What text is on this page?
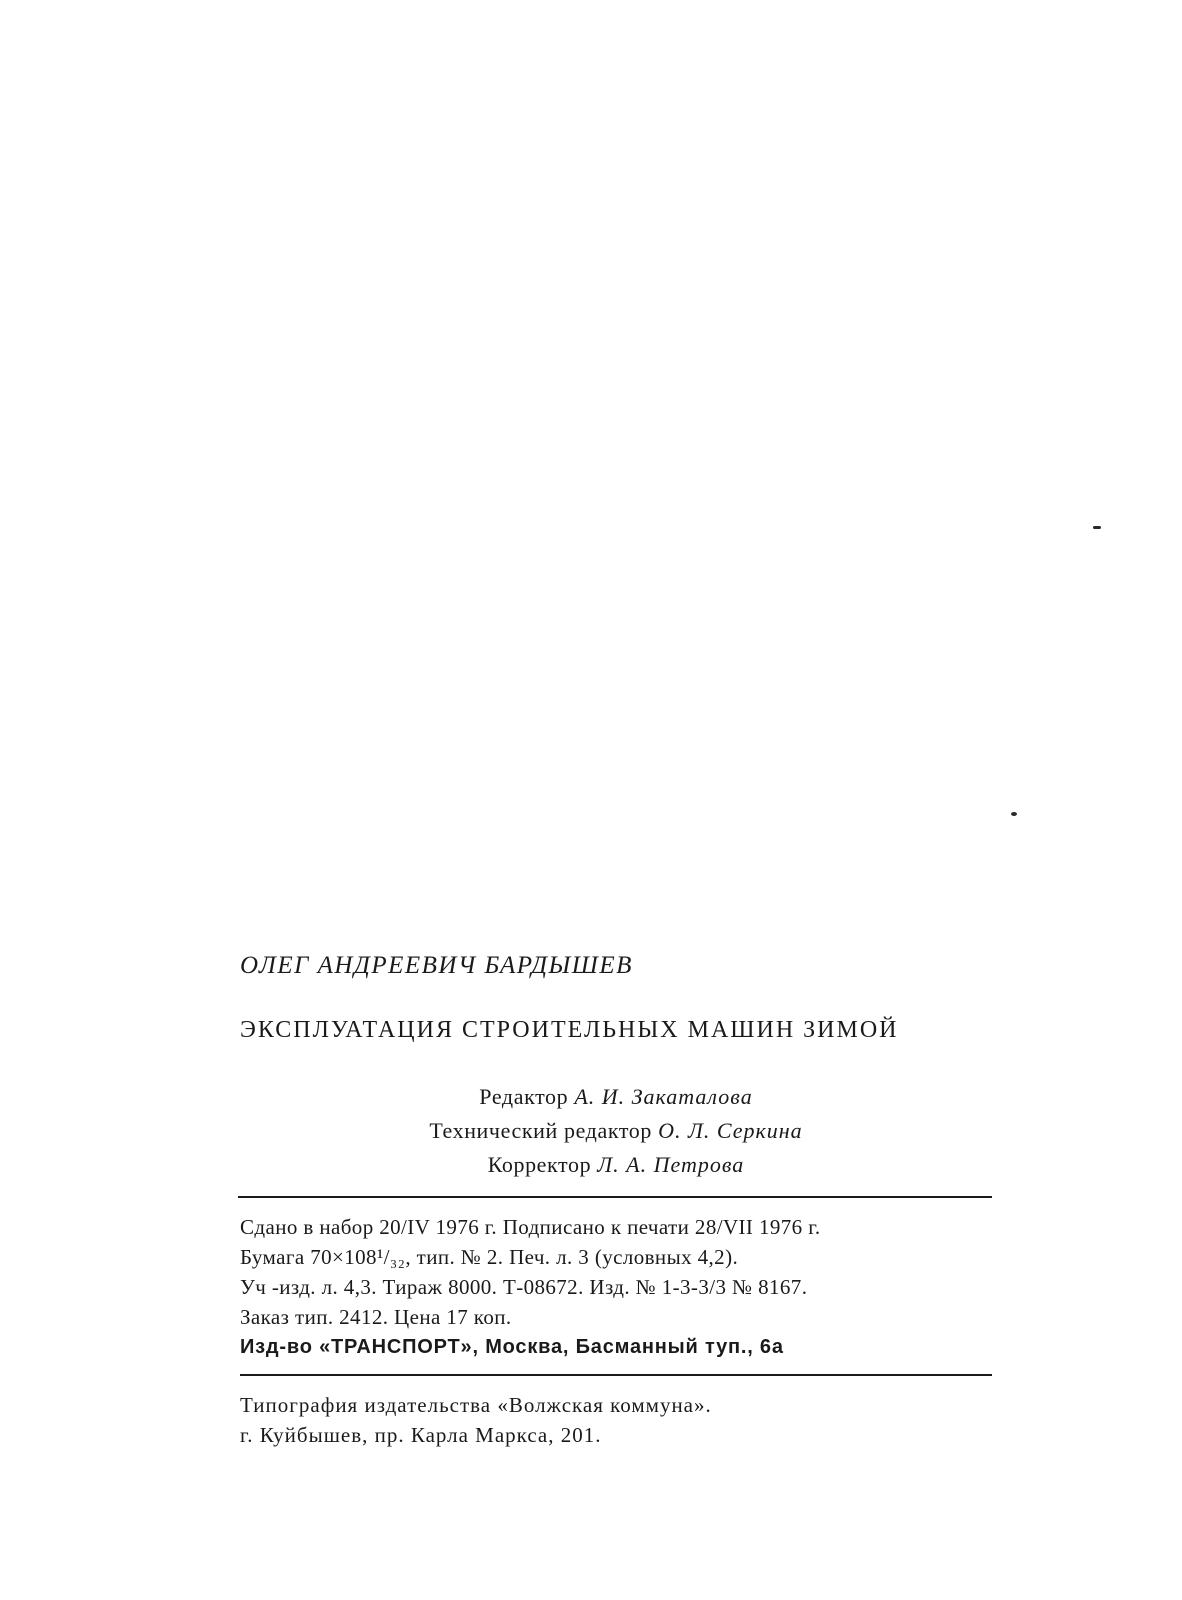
ОЛЕГ АНДРЕЕВИЧ БАРДЫШЕВ
ЭКСПЛУАТАЦИЯ СТРОИТЕЛЬНЫХ МАШИН ЗИМОЙ
Редактор А. И. Закаталова
Технический редактор О. Л. Серкина
Корректор Л. А. Петрова
Сдано в набор 20/IV 1976 г. Подписано к печати 28/VII 1976 г.
Бумага 70×108¹/₃₂, тип. № 2. Печ. л. 3 (условных 4,2).
Уч -изд. л. 4,3. Тираж 8000. Т-08672. Изд. № 1-3-3/3 № 8167.
Заказ тип. 2412. Цена 17 коп.
Изд-во «ТРАНСПОРТ», Москва, Басманный туп., 6а
Типография издательства «Волжская коммуна».
г. Куйбышев, пр. Карла Маркса, 201.
